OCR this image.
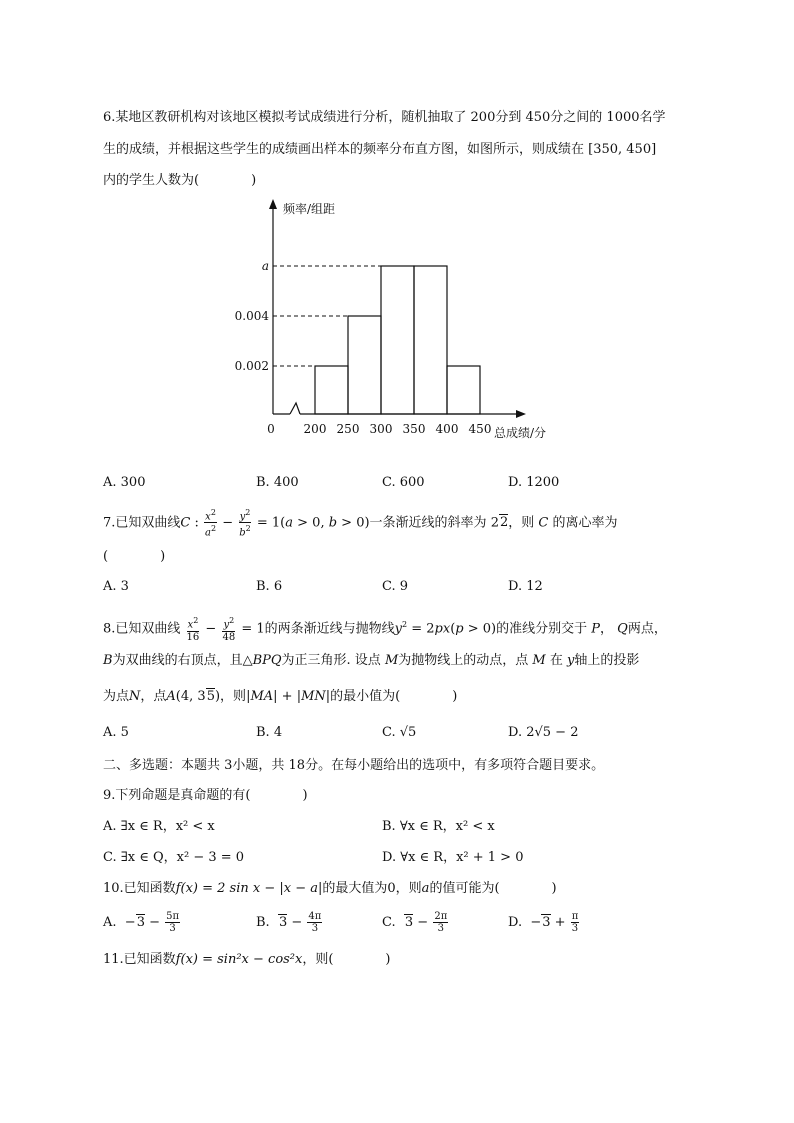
6.某地区教研机构对该地区模拟考试成绩进行分析，随机抽取了 200分到 450分之间的 1000名学
生的成绩，并根据这些学生的成绩画出样本的频率分布直方图，如图所示，则成绩在 [350, 450]
内的学生人数为(　　　　)
0.002
0.004
a
200 250 300 350 400 450
0
频率/组距
总成绩/分
A. 300	B. 400	C. 600	D. 1200
7.已知双曲线C : $\frac{x^2}{a^2} - \frac{y^2}{b^2} = 1(a > 0$, b > 0)一条渐近线的斜率为 22，则 C 的离心率为
(　　　　)
A. 3	B. 6	C. 9	D. 12
8.已知双曲线 $\frac{x^2}{16} - \frac{y^2}{48} = 1$的两条渐近线与抛物线$y^2 = 2px(p > 0)$的准线分别交于 P， Q两点，
B为双曲线的右顶点，且△BPQ为正三角形. 设点 M为抛物线上的动点，点 M 在 y轴上的投影
为点N，点A(4, 35)，则|MA| + |MN|的最小值为(　　　　)
A. 5	B. 4	C. √5	D. 2√5 − 2
二、多选题：本题共 3小题，共 18分。在每小题给出的选项中，有多项符合题目要求。
9.下列命题是真命题的有(　　　　)
A. ∃x ∈ R，x² < x	B. ∀x ∈ R，x² < x
C. ∃x ∈ Q，x² − 3 = 0	D. ∀x ∈ R，x² + 1 > 0
10.已知函数f(x) = 2 sin x − |x − a|的最大值为0，则a的值可能为(　　　　)
A.  $-3 - \frac{5\pi}{3}$	B.  $3 - \frac{4\pi}{3}$	C.  $3 - \frac{2\pi}{3}$	D.  $-3 + \frac{\pi}{3}$
11.已知函数f(x) = sin²x − cos²x，则(　　　　)
